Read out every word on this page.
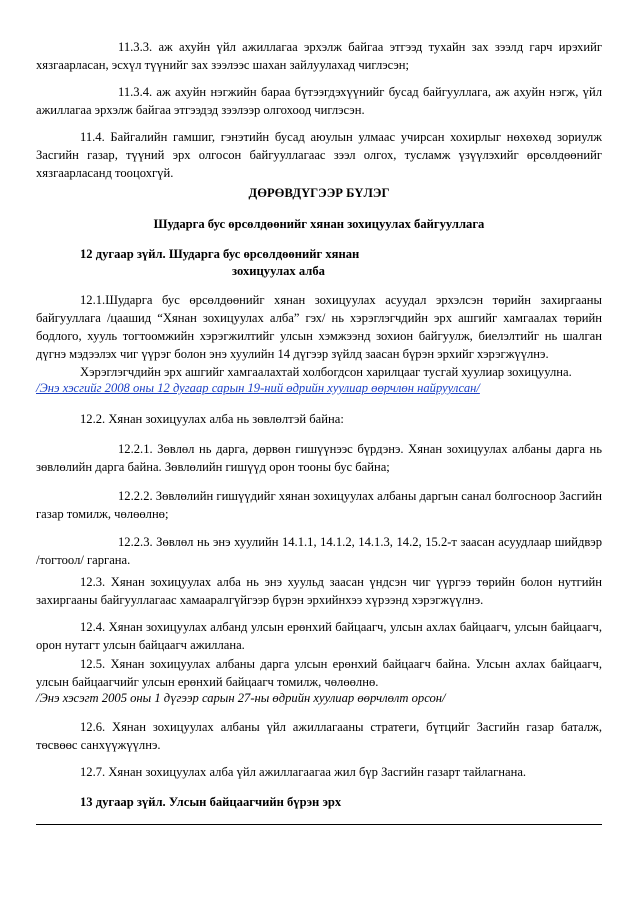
11.3.3. аж ахуйн үйл ажиллагаа эрхэлж байгаа этгээд тухайн зах зээлд гарч ирэхийг хязгаарласан, эсхүл түүнийг зах зээлээс шахан зайлуулахад чиглэсэн;

11.3.4. аж ахуйн нэгжийн бараа бүтээгдэхүүнийг бусад байгууллага, аж ахуйн нэгж, үйл ажиллагаа эрхэлж байгаа этгээдэд зээлээр олгохоод чиглэсэн.

11.4. Байгалийн гамшиг, гэнэтийн бусад аюулын улмаас учирсан хохирлыг нөхөхөд зориулж Засгийн газар, түүний эрх олгосон байгууллагаас зээл олгох, тусламж үзүүлэхийг өрсөлдөөнийг хязгаарласанд тооцохгүй.

ДӨРӨВДҮГЭЭР БҮЛЭГ

Шударга бус өрсөлдөөнийг хянан зохицуулах байгууллага

12 дугаар зүйл. Шударга бус өрсөлдөөнийг хянан

зохицуулах алба

12.1.Шударга бус өрсөлдөөнийг хянан зохицуулах асуудал эрхэлсэн төрийн захиргааны байгууллага /цаашид “Хянан зохицуулах алба” гэх/ нь хэрэглэгчдийн эрх ашгийг хамгаалах төрийн бодлого, хууль тогтоомжийн хэрэгжилтийг улсын хэмжээнд зохион байгуулж, биелэлтийг нь шалган дүгнэ мэдээлэх чиг үүрэг болон энэ хуулийн 14 дүгээр зүйлд заасан бүрэн эрхийг хэрэгжүүлнэ.

Хэрэглэгчдийн эрх ашгийг хамгаалахтай холбогдсон харилцааг тусгай хуулиар зохицуулна.

/Энэ хэсгийг 2008 оны 12 дугаар сарын 19-ний өдрийн хуулиар өөрчлөн найруулсан/

12.2. Хянан зохицуулах алба нь зөвлөлтэй байна:

12.2.1. Зөвлөл нь дарга, дөрвөн гишүүнээс бүрдэнэ. Хянан зохицуулах албаны дарга нь зөвлөлийн дарга байна. Зөвлөлийн гишүүд орон тооны бус байна;

12.2.2. Зөвлөлийн гишүүдийг хянан зохицуулах албаны даргын санал болгосноор Засгийн газар томилж, чөлөөлнө;

12.2.3. Зөвлөл нь энэ хуулийн 14.1.1, 14.1.2, 14.1.3, 14.2, 15.2-т заасан асуудлаар шийдвэр /тогтоол/ гаргана.

12.3. Хянан зохицуулах алба нь энэ хуульд заасан үндсэн чиг үүргээ төрийн болон нутгийн захиргааны байгууллагаас хамааралгүйгээр бүрэн эрхийнхээ хүрээнд хэрэгжүүлнэ.

12.4. Хянан зохицуулах албанд улсын ерөнхий байцаагч, улсын ахлах байцаагч, улсын байцаагч, орон нутагт улсын байцаагч ажиллана.

12.5. Хянан зохицуулах албаны дарга улсын ерөнхий байцаагч байна. Улсын ахлах байцаагч, улсын байцаагчийг улсын ерөнхий байцаагч томилж, чөлөөлнө.

/Энэ хэсэгт 2005 оны 1 дүгээр сарын 27-ны өдрийн хуулиар өөрчлөлт орсон/

12.6. Хянан зохицуулах албаны үйл ажиллагааны стратеги, бүтцийг Засгийн газар баталж, төсвөөс санхүүжүүлнэ.

12.7. Хянан зохицуулах алба үйл ажиллагаагаа жил бүр Засгийн газарт тайлагнана.

13 дугаар зүйл. Улсын байцаагчийн бүрэн эрх
